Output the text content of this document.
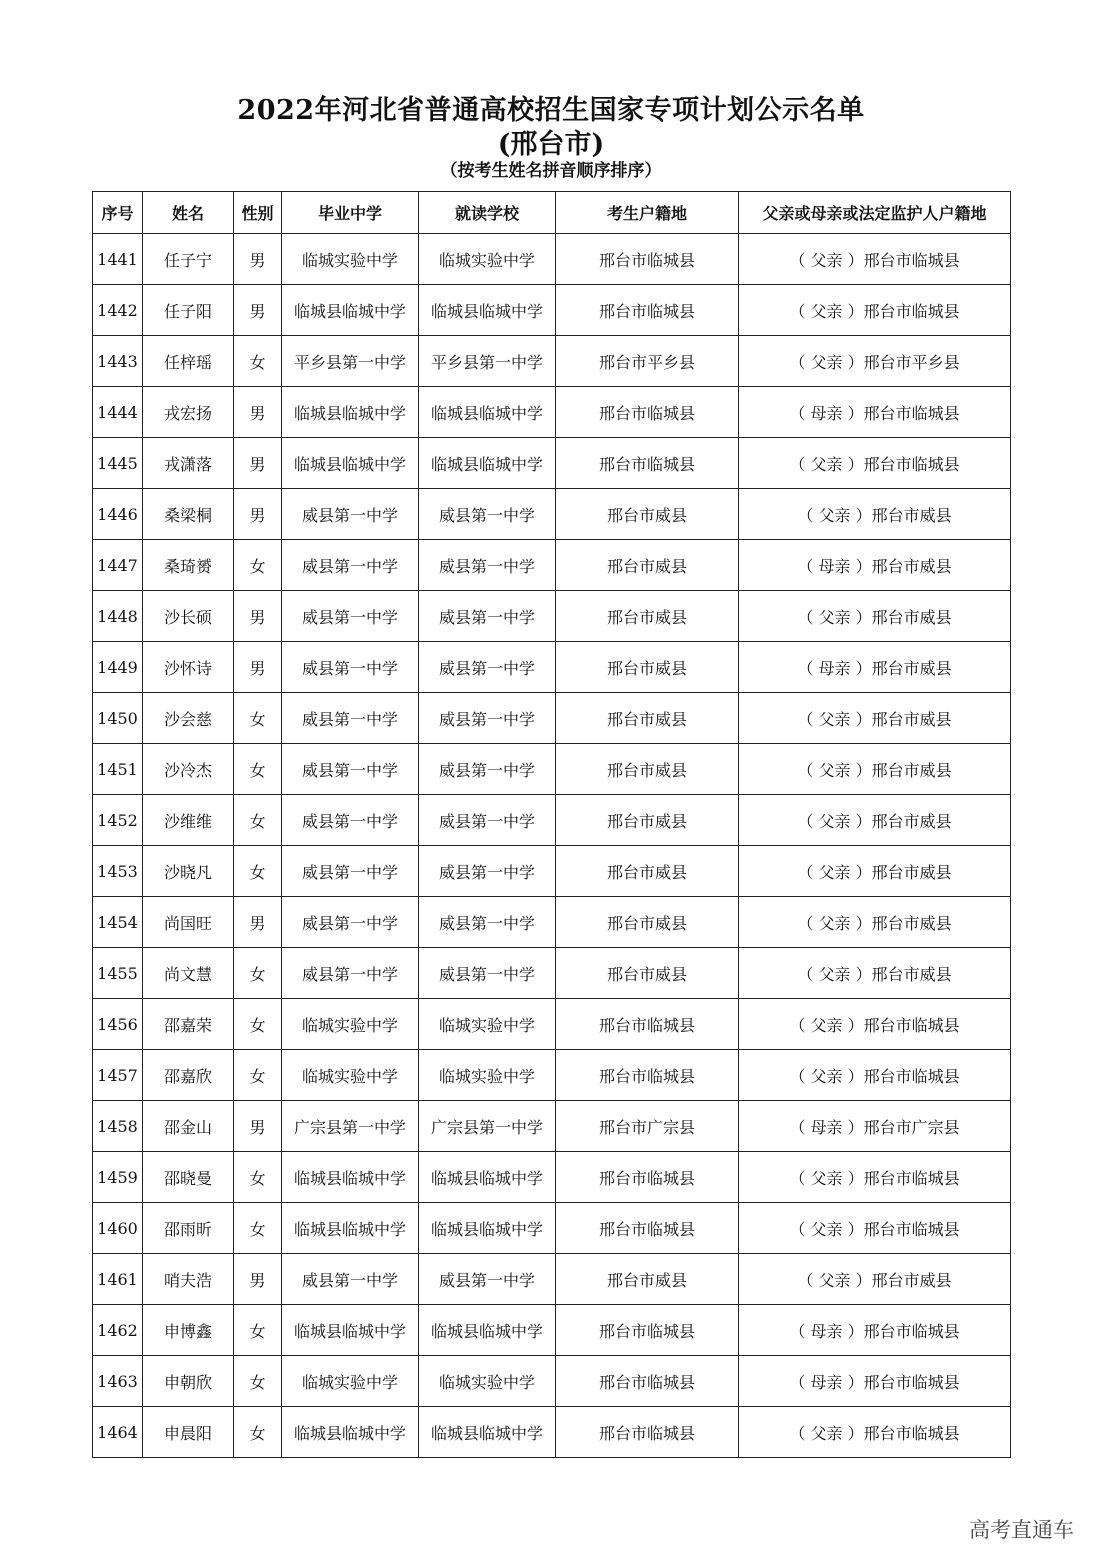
2022年河北省普通高校招生国家专项计划公示名单
(邢台市)
（按考生姓名拼音顺序排序）
序号	姓名	性别	毕业中学	就读学校	考生户籍地	父亲或母亲或法定监护人户籍地
1441	任子宁	男	临城实验中学	临城实验中学	邢台市临城县	（ 父亲 ）邢台市临城县
1442	任子阳	男	临城县临城中学	临城县临城中学	邢台市临城县	（ 父亲 ）邢台市临城县
1443	任梓瑶	女	平乡县第一中学	平乡县第一中学	邢台市平乡县	（ 父亲 ）邢台市平乡县
1444	戎宏扬	男	临城县临城中学	临城县临城中学	邢台市临城县	（ 母亲 ）邢台市临城县
1445	戎潇落	男	临城县临城中学	临城县临城中学	邢台市临城县	（ 父亲 ）邢台市临城县
1446	桑梁桐	男	威县第一中学	威县第一中学	邢台市威县	（ 父亲 ）邢台市威县
1447	桑琦赟	女	威县第一中学	威县第一中学	邢台市威县	（ 母亲 ）邢台市威县
1448	沙长硕	男	威县第一中学	威县第一中学	邢台市威县	（ 父亲 ）邢台市威县
1449	沙怀诗	男	威县第一中学	威县第一中学	邢台市威县	（ 母亲 ）邢台市威县
1450	沙会慈	女	威县第一中学	威县第一中学	邢台市威县	（ 父亲 ）邢台市威县
1451	沙冷杰	女	威县第一中学	威县第一中学	邢台市威县	（ 父亲 ）邢台市威县
1452	沙维维	女	威县第一中学	威县第一中学	邢台市威县	（ 父亲 ）邢台市威县
1453	沙晓凡	女	威县第一中学	威县第一中学	邢台市威县	（ 父亲 ）邢台市威县
1454	尚国旺	男	威县第一中学	威县第一中学	邢台市威县	（ 父亲 ）邢台市威县
1455	尚文慧	女	威县第一中学	威县第一中学	邢台市威县	（ 父亲 ）邢台市威县
1456	邵嘉荣	女	临城实验中学	临城实验中学	邢台市临城县	（ 父亲 ）邢台市临城县
1457	邵嘉欣	女	临城实验中学	临城实验中学	邢台市临城县	（ 父亲 ）邢台市临城县
1458	邵金山	男	广宗县第一中学	广宗县第一中学	邢台市广宗县	（ 母亲 ）邢台市广宗县
1459	邵晓曼	女	临城县临城中学	临城县临城中学	邢台市临城县	（ 父亲 ）邢台市临城县
1460	邵雨昕	女	临城县临城中学	临城县临城中学	邢台市临城县	（ 父亲 ）邢台市临城县
1461	哨夫浩	男	威县第一中学	威县第一中学	邢台市威县	（ 父亲 ）邢台市威县
1462	申博鑫	女	临城县临城中学	临城县临城中学	邢台市临城县	（ 母亲 ）邢台市临城县
1463	申朝欣	女	临城实验中学	临城实验中学	邢台市临城县	（ 母亲 ）邢台市临城县
1464	申晨阳	女	临城县临城中学	临城县临城中学	邢台市临城县	（ 父亲 ）邢台市临城县
高考直通车
